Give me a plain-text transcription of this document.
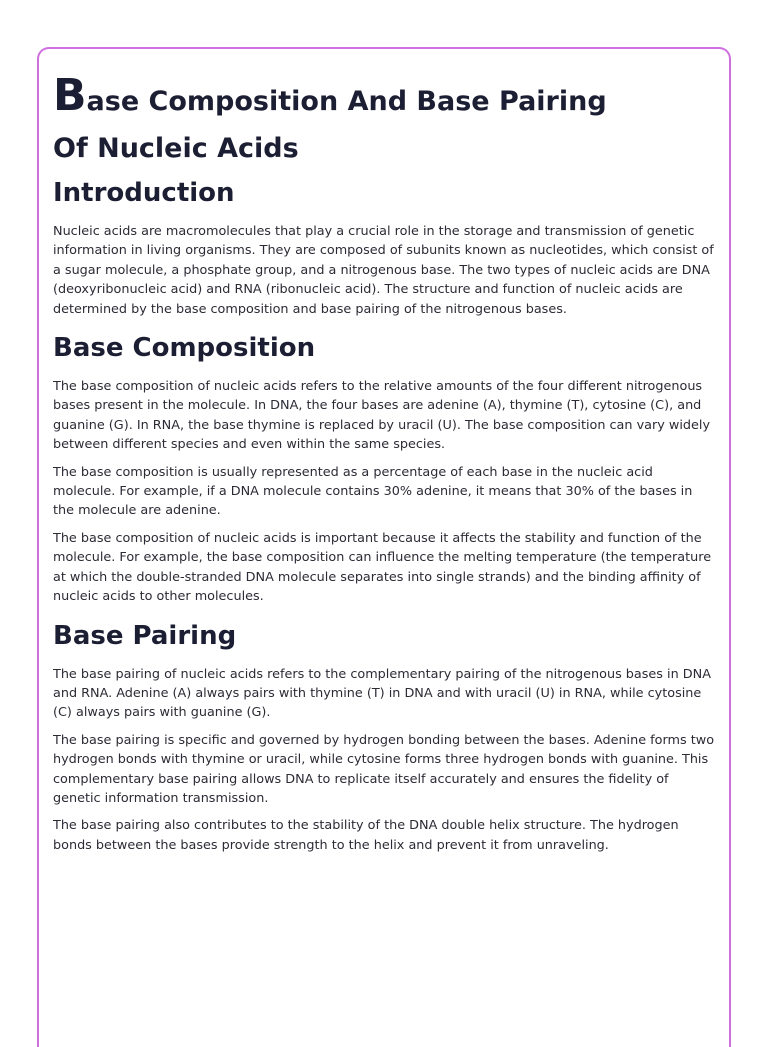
Base Composition And Base Pairing
Of Nucleic Acids
Introduction

Nucleic acids are macromolecules that play a crucial role in the storage and transmission of genetic information in living organisms. They are composed of subunits known as nucleotides, which consist of a sugar molecule, a phosphate group, and a nitrogenous base. The two types of nucleic acids are DNA (deoxyribonucleic acid) and RNA (ribonucleic acid). The structure and function of nucleic acids are determined by the base composition and base pairing of the nitrogenous bases.

Base Composition

The base composition of nucleic acids refers to the relative amounts of the four different nitrogenous bases present in the molecule. In DNA, the four bases are adenine (A), thymine (T), cytosine (C), and guanine (G). In RNA, the base thymine is replaced by uracil (U). The base composition can vary widely between different species and even within the same species.

The base composition is usually represented as a percentage of each base in the nucleic acid molecule. For example, if a DNA molecule contains 30% adenine, it means that 30% of the bases in the molecule are adenine.

The base composition of nucleic acids is important because it affects the stability and function of the molecule. For example, the base composition can influence the melting temperature (the temperature at which the double-stranded DNA molecule separates into single strands) and the binding affinity of nucleic acids to other molecules.

Base Pairing

The base pairing of nucleic acids refers to the complementary pairing of the nitrogenous bases in DNA and RNA. Adenine (A) always pairs with thymine (T) in DNA and with uracil (U) in RNA, while cytosine (C) always pairs with guanine (G).

The base pairing is specific and governed by hydrogen bonding between the bases. Adenine forms two hydrogen bonds with thymine or uracil, while cytosine forms three hydrogen bonds with guanine. This complementary base pairing allows DNA to replicate itself accurately and ensures the fidelity of genetic information transmission.

The base pairing also contributes to the stability of the DNA double helix structure. The hydrogen bonds between the bases provide strength to the helix and prevent it from unraveling.
